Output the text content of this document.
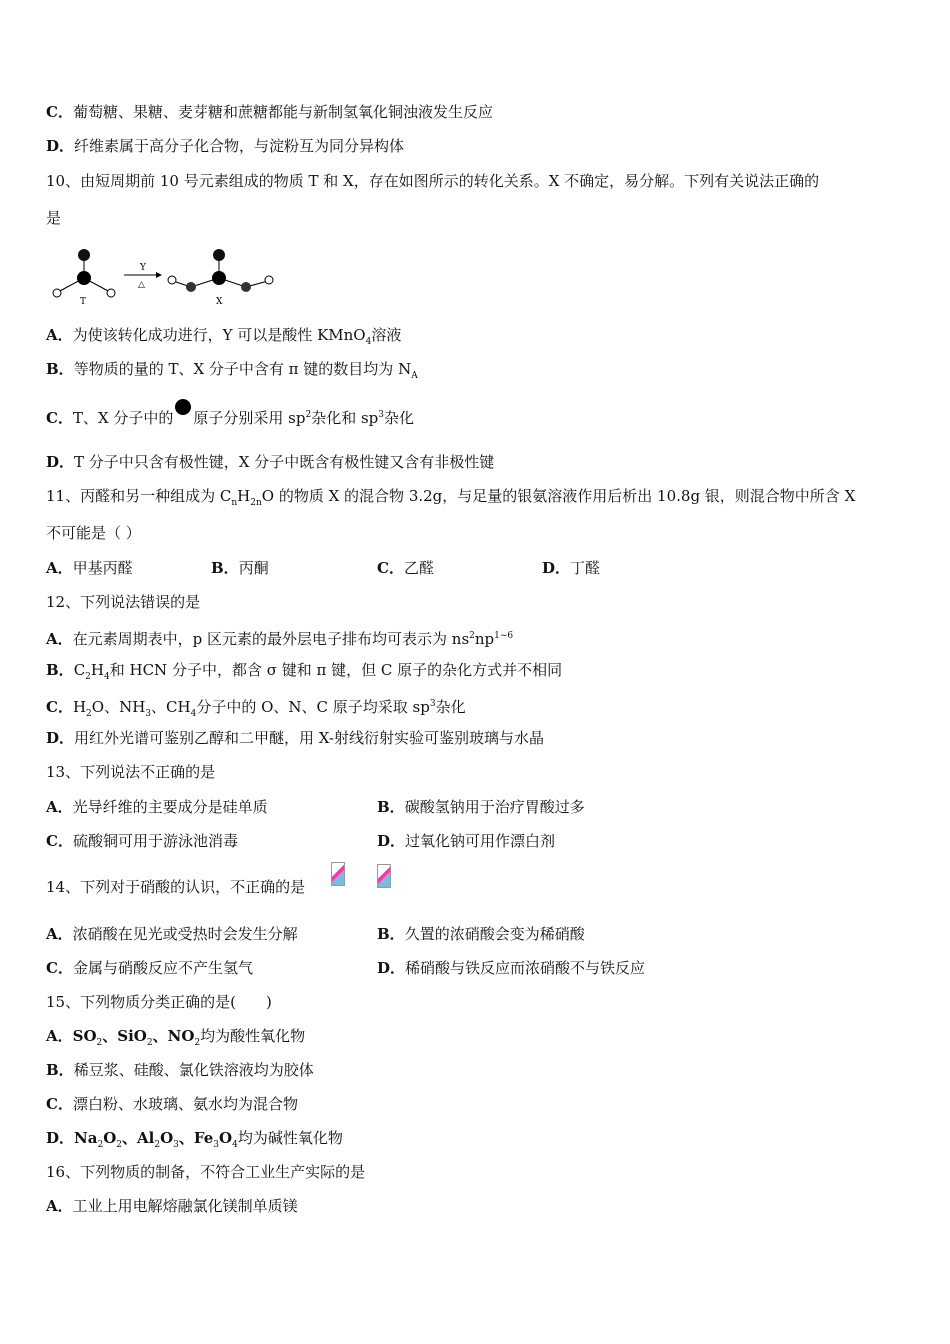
C．葡萄糖、果糖、麦芽糖和蔗糖都能与新制氢氧化铜浊液发生反应
D．纤维素属于高分子化合物，与淀粉互为同分异构体
10、由短周期前 10 号元素组成的物质 T 和 X，存在如图所示的转化关系。X 不确定，易分解。下列有关说法正确的
是
T
Y
△
X
A．为使该转化成功进行，Y 可以是酸性 KMnO$_4$溶液
B．等物质的量的 T、X 分子中含有 π 键的数目均为 $N_A$
C．T、X 分子中的 原子分别采用 $sp^2$杂化和 $sp^3$杂化
D．T 分子中只含有极性键，X 分子中既含有极性键又含有非极性键
11、丙醛和另一种组成为 $C_nH_{2n}O$ 的物质 X 的混合物 3.2g，与足量的银氨溶液作用后析出 10.8g 银，则混合物中所含 X
不可能是（ ）
A．甲基丙醛	B．丙酮	C．乙醛	D．丁醛
12、下列说法错误的是
A．在元素周期表中，p 区元素的最外层电子排布均可表示为 $ns^2np^{1\sim 6}$
B．$C_2H_4$和 HCN 分子中，都含 σ 键和 π 键，但 C 原子的杂化方式并不相同
C．$H_2O$、$NH_3$、$CH_4$分子中的 O、N、C 原子均采取 $sp^3$杂化
D．用红外光谱可鉴别乙醇和二甲醚，用 X-射线衍射实验可鉴别玻璃与水晶
13、下列说法不正确的是
A．光导纤维的主要成分是硅单质	B．碳酸氢钠用于治疗胃酸过多
C．硫酸铜可用于游泳池消毒	D．过氧化钠可用作漂白剂
14、下列对于硝酸的认识，不正确的是
A．浓硝酸在见光或受热时会发生分解	B．久置的浓硝酸会变为稀硝酸
C．金属与硝酸反应不产生氢气	D．稀硝酸与铁反应而浓硝酸不与铁反应
15、下列物质分类正确的是(　　)
A．$SO_2$、SiO$_2$、$NO_2$均为酸性氧化物
B．稀豆浆、硅酸、氯化铁溶液均为胶体
C．漂白粉、水玻璃、氨水均为混合物
D．$Na_2O_2$、$Al_2O_3$、$Fe_3O_4$均为碱性氧化物
16、下列物质的制备，不符合工业生产实际的是
A．工业上用电解熔融氯化镁制单质镁
